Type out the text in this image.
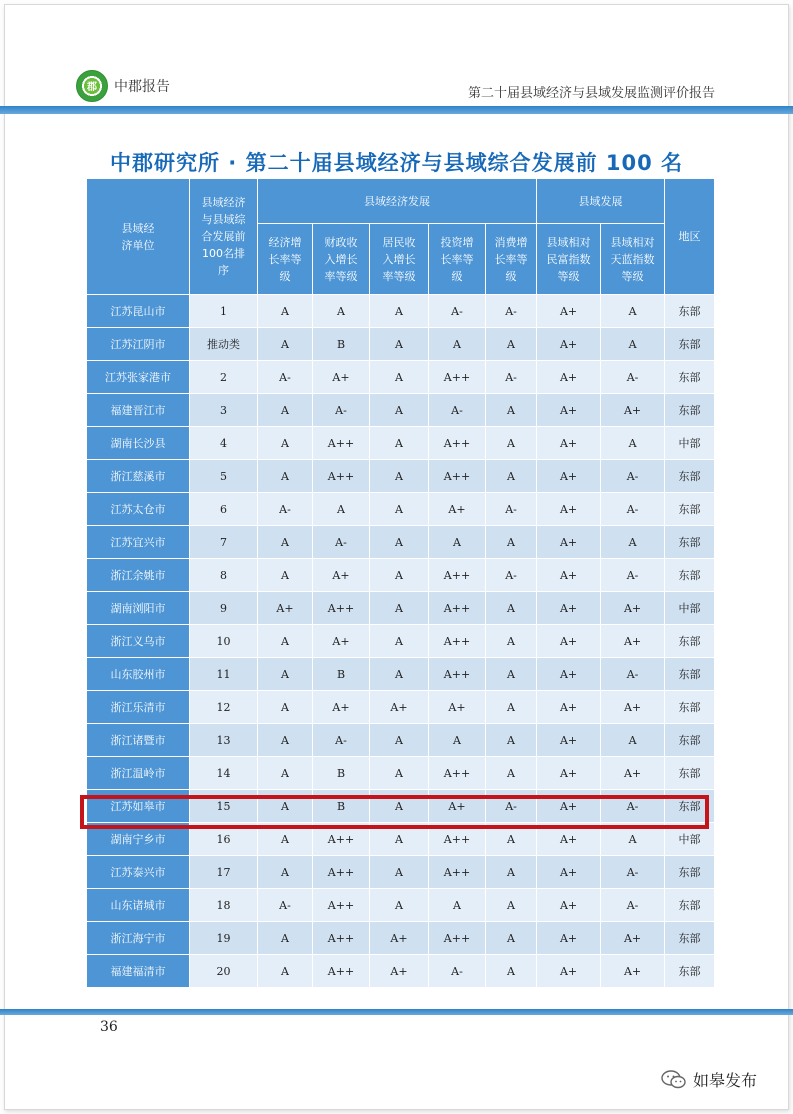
郡	中郡报告	第二十届县域经济与县域发展监测评价报告
中郡研究所 · 第二十届县域经济与县域综合发展前 100 名
县域经济单位	县域经济与县域综合发展前100名排序	县域经济发展					县域发展		地区

		经济增长率等级	财政收入增长率等级	居民收入增长率等级	投资增长率等级	消费增长率等级	县域相对民富指数等级	县域相对天蓝指数等级	

江苏昆山市	1	A	A	A	A-	A-	A+	A	东部
江苏江阴市	推动类	A	B	A	A	A	A+	A	东部
江苏张家港市	2	A-	A+	A	A++	A-	A+	A-	东部
福建晋江市	3	A	A-	A	A-	A	A+	A+	东部
湖南长沙县	4	A	A++	A	A++	A	A+	A	中部
浙江慈溪市	5	A	A++	A	A++	A	A+	A-	东部
江苏太仓市	6	A-	A	A	A+	A-	A+	A-	东部
江苏宜兴市	7	A	A-	A	A	A	A+	A	东部
浙江余姚市	8	A	A+	A	A++	A-	A+	A-	东部
湖南浏阳市	9	A+	A++	A	A++	A	A+	A+	中部
浙江义乌市	10	A	A+	A	A++	A	A+	A+	东部
山东胶州市	11	A	B	A	A++	A	A+	A-	东部
浙江乐清市	12	A	A+	A+	A+	A	A+	A+	东部
浙江诸暨市	13	A	A-	A	A	A	A+	A	东部
浙江温岭市	14	A	B	A	A++	A	A+	A+	东部
江苏如皋市	15	A	B	A	A+	A-	A+	A-	东部
湖南宁乡市	16	A	A++	A	A++	A	A+	A	中部
江苏泰兴市	17	A	A++	A	A++	A	A+	A-	东部
山东诸城市	18	A-	A++	A	A	A	A+	A-	东部
浙江海宁市	19	A	A++	A+	A++	A	A+	A+	东部
福建福清市	20	A	A++	A+	A-	A	A+	A+	东部
36
如皋发布
